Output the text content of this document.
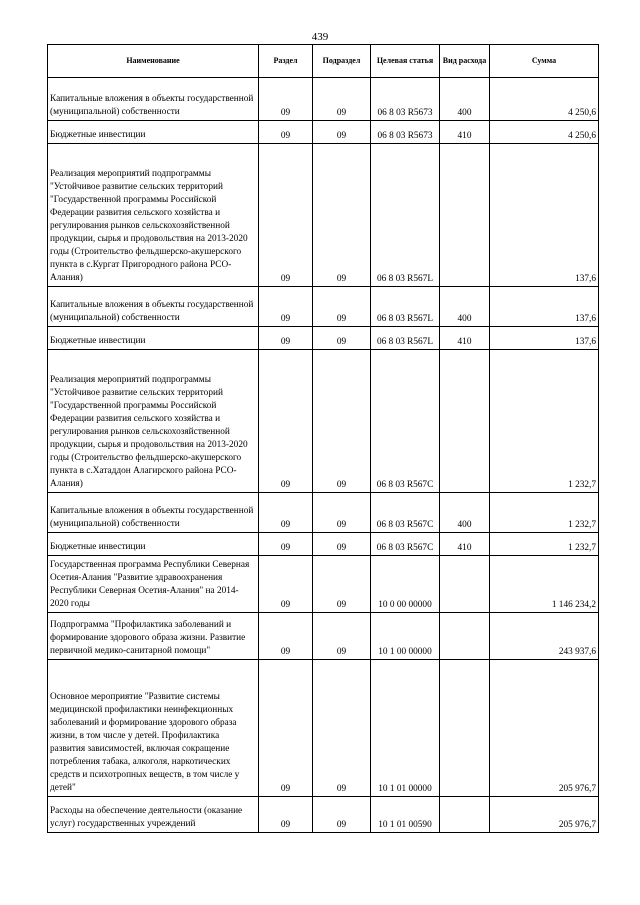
439
Наименование	Раздел	Подраздел	Целевая статья	Вид расхода	Сумма

Капитальные вложения в объекты государственной (муниципальной) собственности	09	09	06 8 03 R5673	400	4 250,6

Бюджетные инвестиции	09	09	06 8 03 R5673	410	4 250,6

Реализация мероприятий подпрограммы "Устойчивое развитие сельских территорий "Государственной программы Российской Федерации развития сельского хозяйства и регулирования рынков сельскохозяйственной продукции, сырья и продовольствия на 2013-2020 годы (Строительство фельдшерско-акушерского пункта в с.Кургат Пригородного района РСО-Алания)	09	09	06 8 03 R567L		137,6

Капитальные вложения в объекты государственной (муниципальной) собственности	09	09	06 8 03 R567L	400	137,6

Бюджетные инвестиции	09	09	06 8 03 R567L	410	137,6

Реализация мероприятий подпрограммы "Устойчивое развитие сельских территорий "Государственной программы Российской Федерации развития сельского хозяйства и регулирования рынков сельскохозяйственной продукции, сырья и продовольствия на 2013-2020 годы (Строительство фельдшерско-акушерского пункта в с.Хатаддон Алагирского района РСО-Алания)	09	09	06 8 03 R567C		1 232,7

Капитальные вложения в объекты государственной (муниципальной) собственности	09	09	06 8 03 R567C	400	1 232,7

Бюджетные инвестиции	09	09	06 8 03 R567C	410	1 232,7

Государственная программа Республики Северная Осетия-Алания "Развитие здравоохранения Республики Северная Осетия-Алания" на 2014-2020 годы	09	09	10 0 00 00000		1 146 234,2

Подпрограмма "Профилактика заболеваний и формирование здорового образа жизни. Развитие первичной медико-санитарной помощи"	09	09	10 1 00 00000		243 937,6

Основное мероприятие "Развитие системы медицинской профилактики неинфекционных заболеваний и формирование здорового образа жизни, в том числе у детей. Профилактика развития зависимостей, включая сокращение потребления табака, алкоголя, наркотических средств и психотропных веществ, в том числе у детей"	09	09	10 1 01 00000		205 976,7

Расходы на обеспечение деятельности (оказание услуг) государственных учреждений	09	09	10 1 01 00590		205 976,7
